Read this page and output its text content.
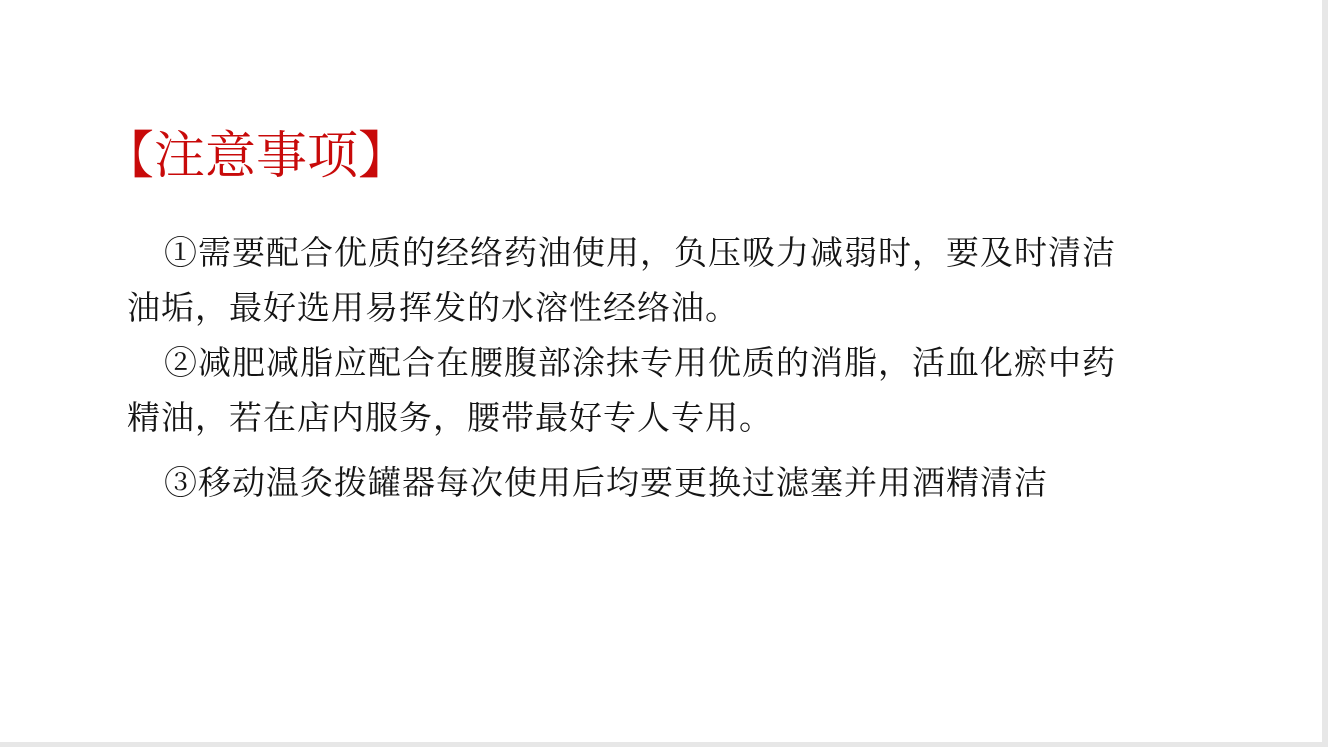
【注意事项】
①需要配合优质的经络药油使用，负压吸力减弱时，要及时清洁
油垢，最好选用易挥发的水溶性经络油。
②减肥减脂应配合在腰腹部涂抹专用优质的消脂，活血化瘀中药
精油，若在店内服务，腰带最好专人专用。
③移动温灸拨罐器每次使用后均要更换过滤塞并用酒精清洁
